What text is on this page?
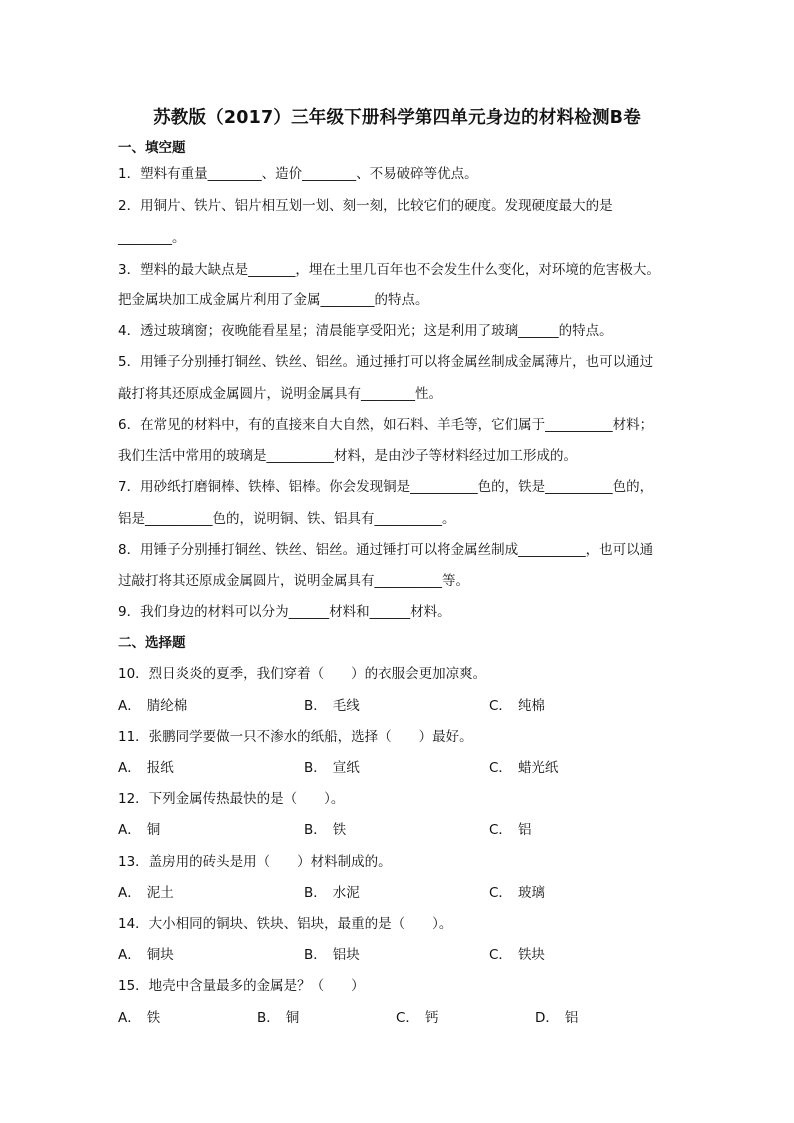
苏教版（2017）三年级下册科学第四单元身边的材料检测B卷
一、填空题
1．塑料有重量________、造价________、不易破碎等优点。
2．用铜片、铁片、铝片相互划一划、刻一刻，比较它们的硬度。发现硬度最大的是
________。
3．塑料的最大缺点是_______，埋在土里几百年也不会发生什么变化，对环境的危害极大。
把金属块加工成金属片利用了金属________的特点。
4．透过玻璃窗；夜晚能看星星；清晨能享受阳光；这是利用了玻璃______的特点。
5．用锤子分别捶打铜丝、铁丝、铝丝。通过捶打可以将金属丝制成金属薄片，也可以通过
敲打将其还原成金属圆片，说明金属具有________性。
6．在常见的材料中，有的直接来自大自然，如石料、羊毛等，它们属于__________材料；
我们生活中常用的玻璃是__________材料，是由沙子等材料经过加工形成的。
7．用砂纸打磨铜棒、铁棒、铝棒。你会发现铜是__________色的，铁是__________色的，
铝是__________色的，说明铜、铁、铝具有__________。
8．用锤子分别捶打铜丝、铁丝、铝丝。通过锤打可以将金属丝制成__________，也可以通
过敲打将其还原成金属圆片，说明金属具有__________等。
9．我们身边的材料可以分为______材料和______材料。
二、选择题
10．烈日炎炎的夏季，我们穿着（　　）的衣服会更加凉爽。
A． 腈纶棉	B． 毛线	C． 纯棉
11．张鹏同学要做一只不渗水的纸船，选择（　　）最好。
A． 报纸	B． 宣纸	C． 蜡光纸
12．下列金属传热最快的是（　　）。
A． 铜	B． 铁	C． 铝
13．盖房用的砖头是用（　　）材料制成的。
A． 泥土	B． 水泥	C． 玻璃
14．大小相同的铜块、铁块、铝块，最重的是（　　）。
A． 铜块	B． 铝块	C． 铁块
15．地壳中含量最多的金属是？（　　）
A． 铁	B． 铜	C． 钙	D． 铝
